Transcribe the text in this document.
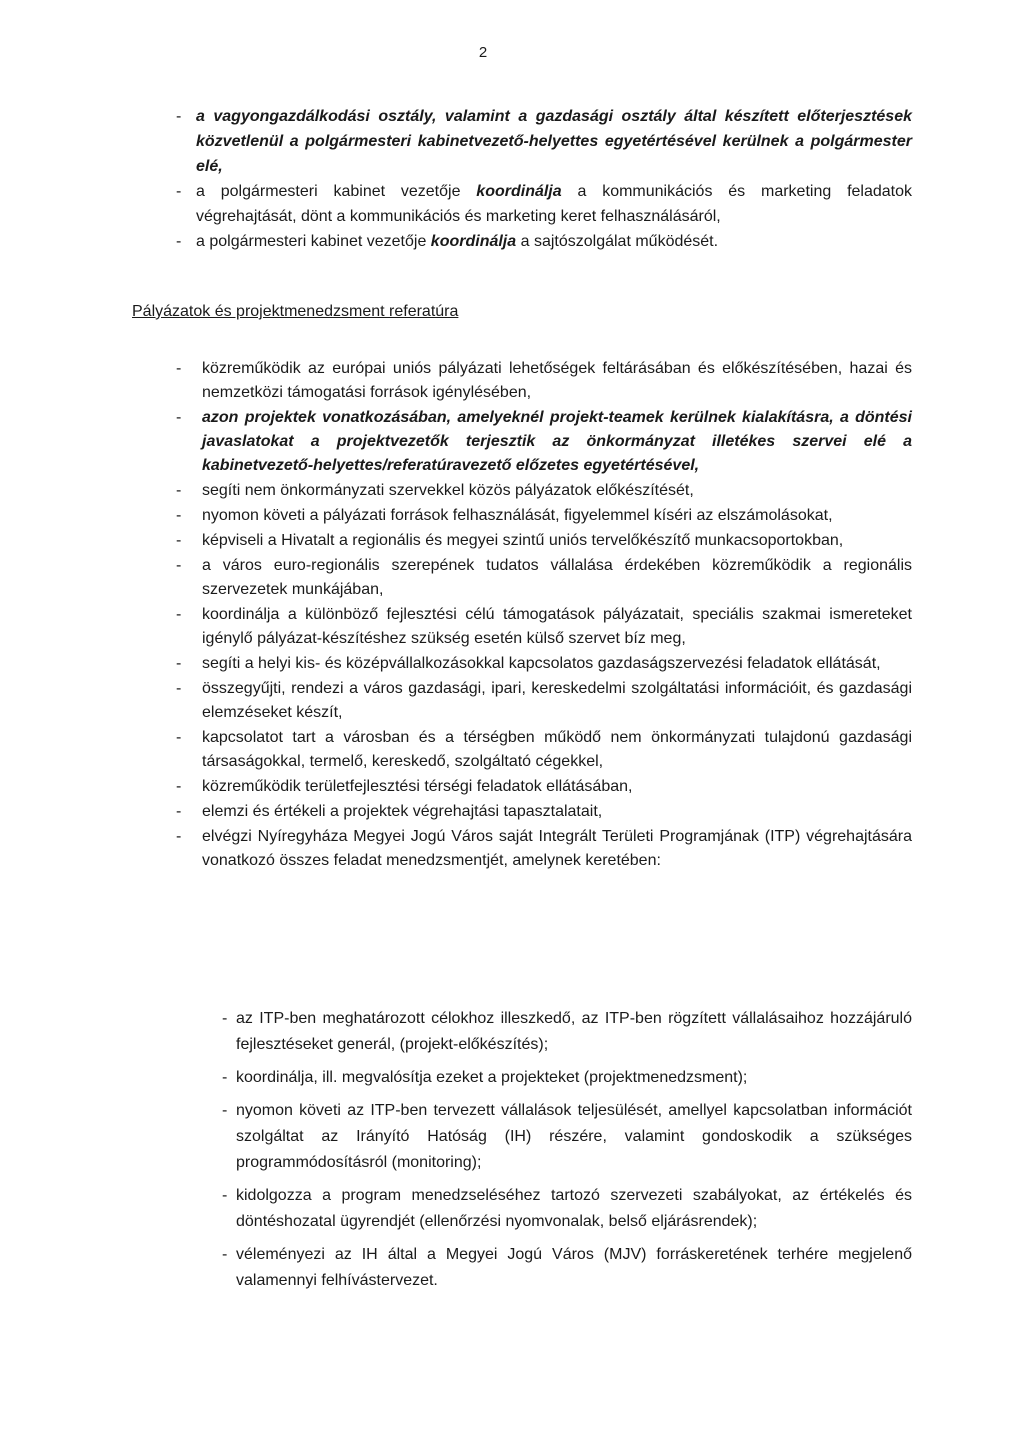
2
- a vagyongazdálkodási osztály, valamint a gazdasági osztály által készített előterjesztések közvetlenül a polgármesteri kabinetvezető-helyettes egyetértésével kerülnek a polgármester elé,
- a polgármesteri kabinet vezetője koordinálja a kommunikációs és marketing feladatok végrehajtását, dönt a kommunikációs és marketing keret felhasználásáról,
- a polgármesteri kabinet vezetője koordinálja a sajtószolgálat működését.
Pályázatok és projektmenedzsment referatúra
- közreműködik az európai uniós pályázati lehetőségek feltárásában és előkészítésében, hazai és nemzetközi támogatási források igénylésében,
- azon projektek vonatkozásában, amelyeknél projekt-teamek kerülnek kialakításra, a döntési javaslatokat a projektvezetők terjesztik az önkormányzat illetékes szervei elé a kabinetvezető-helyettes/referatúravezető előzetes egyetértésével,
- segíti nem önkormányzati szervekkel közös pályázatok előkészítését,
- nyomon követi a pályázati források felhasználását, figyelemmel kíséri az elszámolásokat,
- képviseli a Hivatalt a regionális és megyei szintű uniós tervelőkészítő munkacsoportokban,
- a város euro-regionális szerepének tudatos vállalása érdekében közreműködik a regionális szervezetek munkájában,
- koordinálja a különböző fejlesztési célú támogatások pályázatait, speciális szakmai ismereteket igénylő pályázat-készítéshez szükség esetén külső szervet bíz meg,
- segíti a helyi kis- és középvállalkozásokkal kapcsolatos gazdaságszervezési feladatok ellátását,
- összegyűjti, rendezi a város gazdasági, ipari, kereskedelmi szolgáltatási információit, és gazdasági elemzéseket készít,
- kapcsolatot tart a városban és a térségben működő nem önkormányzati tulajdonú gazdasági társaságokkal, termelő, kereskedő, szolgáltató cégekkel,
- közreműködik területfejlesztési térségi feladatok ellátásában,
- elemzi és értékeli a projektek végrehajtási tapasztalatait,
- elvégzi Nyíregyháza Megyei Jogú Város saját Integrált Területi Programjának (ITP) végrehajtására vonatkozó összes feladat menedzsmentjét, amelynek keretében:
- az ITP-ben meghatározott célokhoz illeszkedő, az ITP-ben rögzített vállalásaihoz hozzájáruló fejlesztéseket generál, (projekt-előkészítés);
- koordinálja, ill. megvalósítja ezeket a projekteket (projektmenedzsment);
- nyomon követi az ITP-ben tervezett vállalások teljesülését, amellyel kapcsolatban információt szolgáltat az Irányító Hatóság (IH) részére, valamint gondoskodik a szükséges programmódosításról (monitoring);
- kidolgozza a program menedzseléséhez tartozó szervezeti szabályokat, az értékelés és döntéshozatal ügyrendjét (ellenőrzési nyomvonalak, belső eljárásrendek);
- véleményezi az IH által a Megyei Jogú Város (MJV) forráskeretének terhére megjelenő valamennyi felhívástervezet.
